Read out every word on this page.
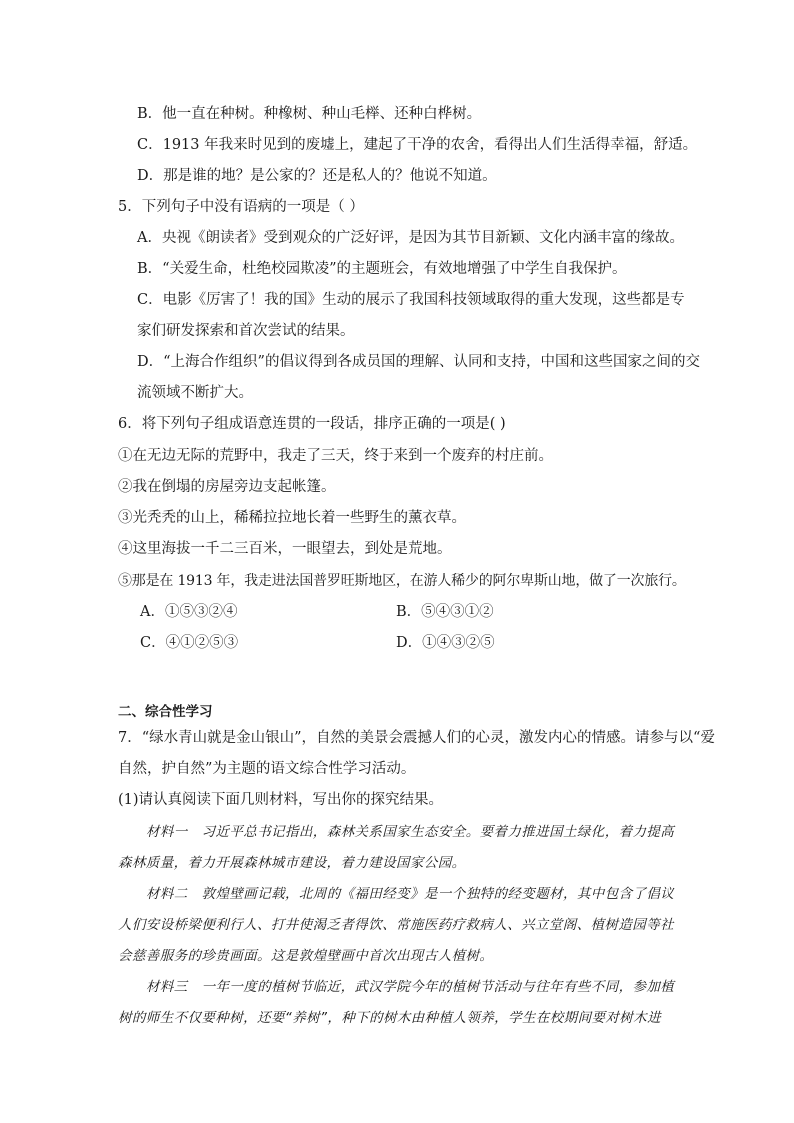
B．他一直在种树。种橡树、种山毛榉、还种白桦树。
C．1913 年我来时见到的废墟上，建起了干净的农舍，看得出人们生活得幸福，舒适。
D．那是谁的地？是公家的？还是私人的？他说不知道。
5．下列句子中没有语病的一项是（ ）
A．央视《朗读者》受到观众的广泛好评，是因为其节目新颖、文化内涵丰富的缘故。
B．“关爱生命，杜绝校园欺凌”的主题班会，有效地增强了中学生自我保护。
C．电影《厉害了！我的国》生动的展示了我国科技领域取得的重大发现，这些都是专
家们研发探索和首次尝试的结果。
D．“上海合作组织”的倡议得到各成员国的理解、认同和支持，中国和这些国家之间的交
流领域不断扩大。
6．将下列句子组成语意连贯的一段话，排序正确的一项是( )
①在无边无际的荒野中，我走了三天，终于来到一个废弃的村庄前。
②我在倒塌的房屋旁边支起帐篷。
③光秃秃的山上，稀稀拉拉地长着一些野生的薰衣草。
④这里海拔一千二三百米，一眼望去，到处是荒地。
⑤那是在 1913 年，我走进法国普罗旺斯地区，在游人稀少的阿尔卑斯山地，做了一次旅行。
A．①⑤③②④	B．⑤④③①②
C．④①②⑤③	D．①④③②⑤
二、综合性学习
7．“绿水青山就是金山银山”，自然的美景会震撼人们的心灵，激发内心的情感。请参与以“爱
自然，护自然”为主题的语文综合性学习活动。
(1)请认真阅读下面几则材料，写出你的探究结果。
材料一　习近平总书记指出，森林关系国家生态安全。要着力推进国土绿化，着力提高森林质量，着力开展森林城市建设，着力建设国家公园。
材料二　敦煌壁画记载，北周的《福田经变》是一个独特的经变题材，其中包含了倡议人们安设桥梁便利行人、打井使渴乏者得饮、常施医药疗救病人、兴立堂阁、植树造园等社会慈善服务的珍贵画面。这是敦煌壁画中首次出现古人植树。
材料三　一年一度的植树节临近，武汉学院今年的植树节活动与往年有些不同，参加植树的师生不仅要种树，还要“养树”，种下的树木由种植人领养，学生在校期间要对树木进
